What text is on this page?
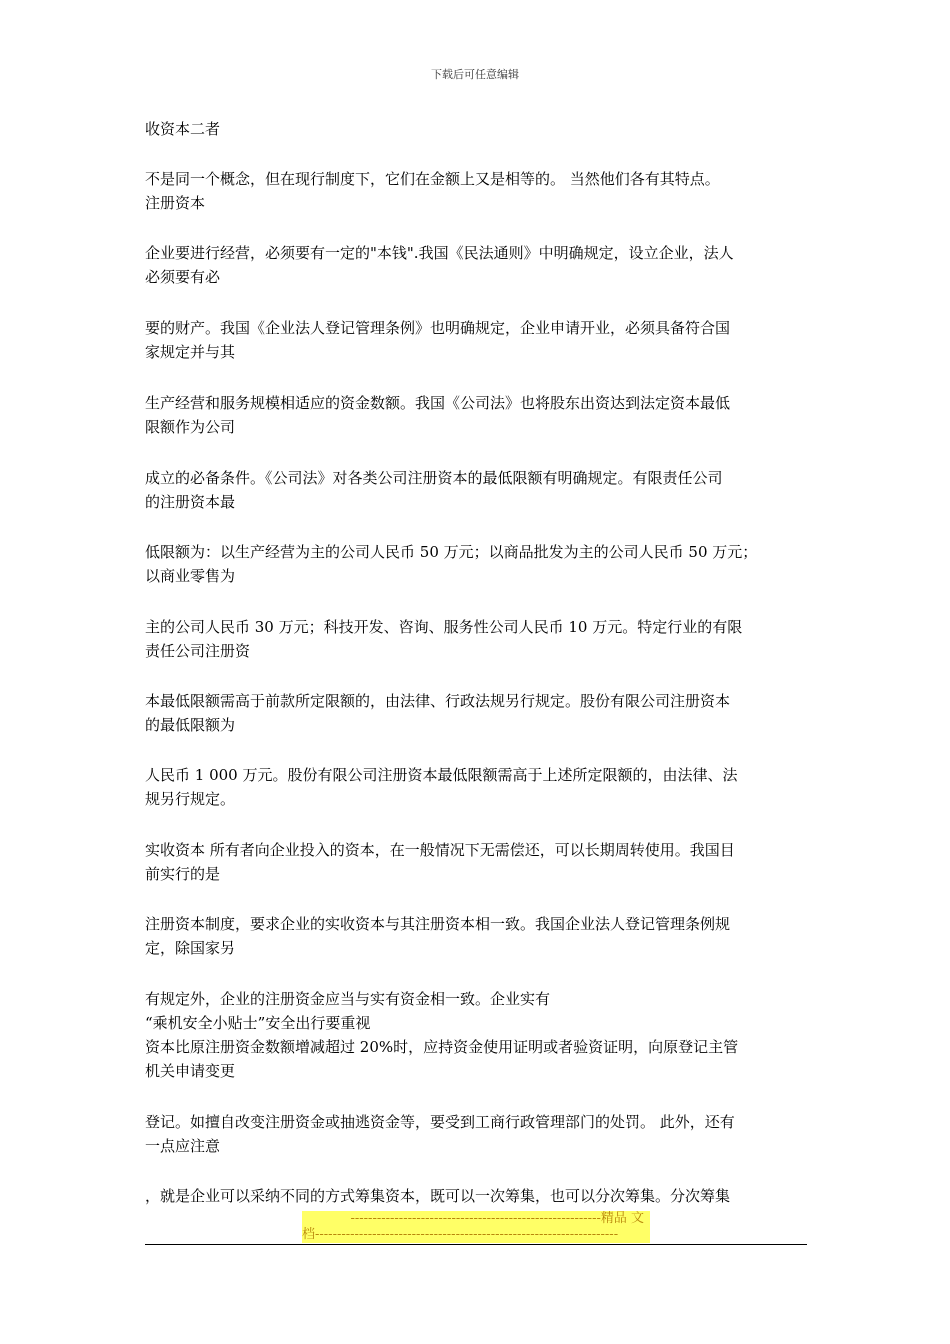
下载后可任意编辑
收资本二者
不是同一个概念，但在现行制度下，它们在金额上又是相等的。 当然他们各有其特点。
注册资本
企业要进行经营，必须要有一定的"本钱".我国《民法通则》中明确规定，设立企业，法人
必须要有必
要的财产。我国《企业法人登记管理条例》也明确规定，企业申请开业，必须具备符合国
家规定并与其
生产经营和服务规模相适应的资金数额。我国《公司法》也将股东出资达到法定资本最低
限额作为公司
成立的必备条件。《公司法》对各类公司注册资本的最低限额有明确规定。有限责任公司
的注册资本最
低限额为：以生产经营为主的公司人民币 50 万元；以商品批发为主的公司人民币 50 万元；
以商业零售为
主的公司人民币 30 万元；科技开发、咨询、服务性公司人民币 10 万元。特定行业的有限
责任公司注册资
本最低限额需高于前款所定限额的，由法律、行政法规另行规定。股份有限公司注册资本
的最低限额为
人民币 1 000 万元。股份有限公司注册资本最低限额需高于上述所定限额的，由法律、法
规另行规定。
实收资本 所有者向企业投入的资本，在一般情况下无需偿还，可以长期周转使用。我国目
前实行的是
注册资本制度，要求企业的实收资本与其注册资本相一致。我国企业法人登记管理条例规
定，除国家另
有规定外，企业的注册资金应当与实有资金相一致。企业实有
“乘机安全小贴士”安全出行要重视
资本比原注册资金数额增减超过 20%时，应持资金使用证明或者验资证明，向原登记主管
机关申请变更
登记。如擅自改变注册资金或抽逃资金等，要受到工商行政管理部门的处罚。 此外，还有
一点应注意
，就是企业可以采纳不同的方式筹集资本，既可以一次筹集，也可以分次筹集。分次筹集
---------------------------------------------------------精品 文
档---------------------------------------------------------------------
